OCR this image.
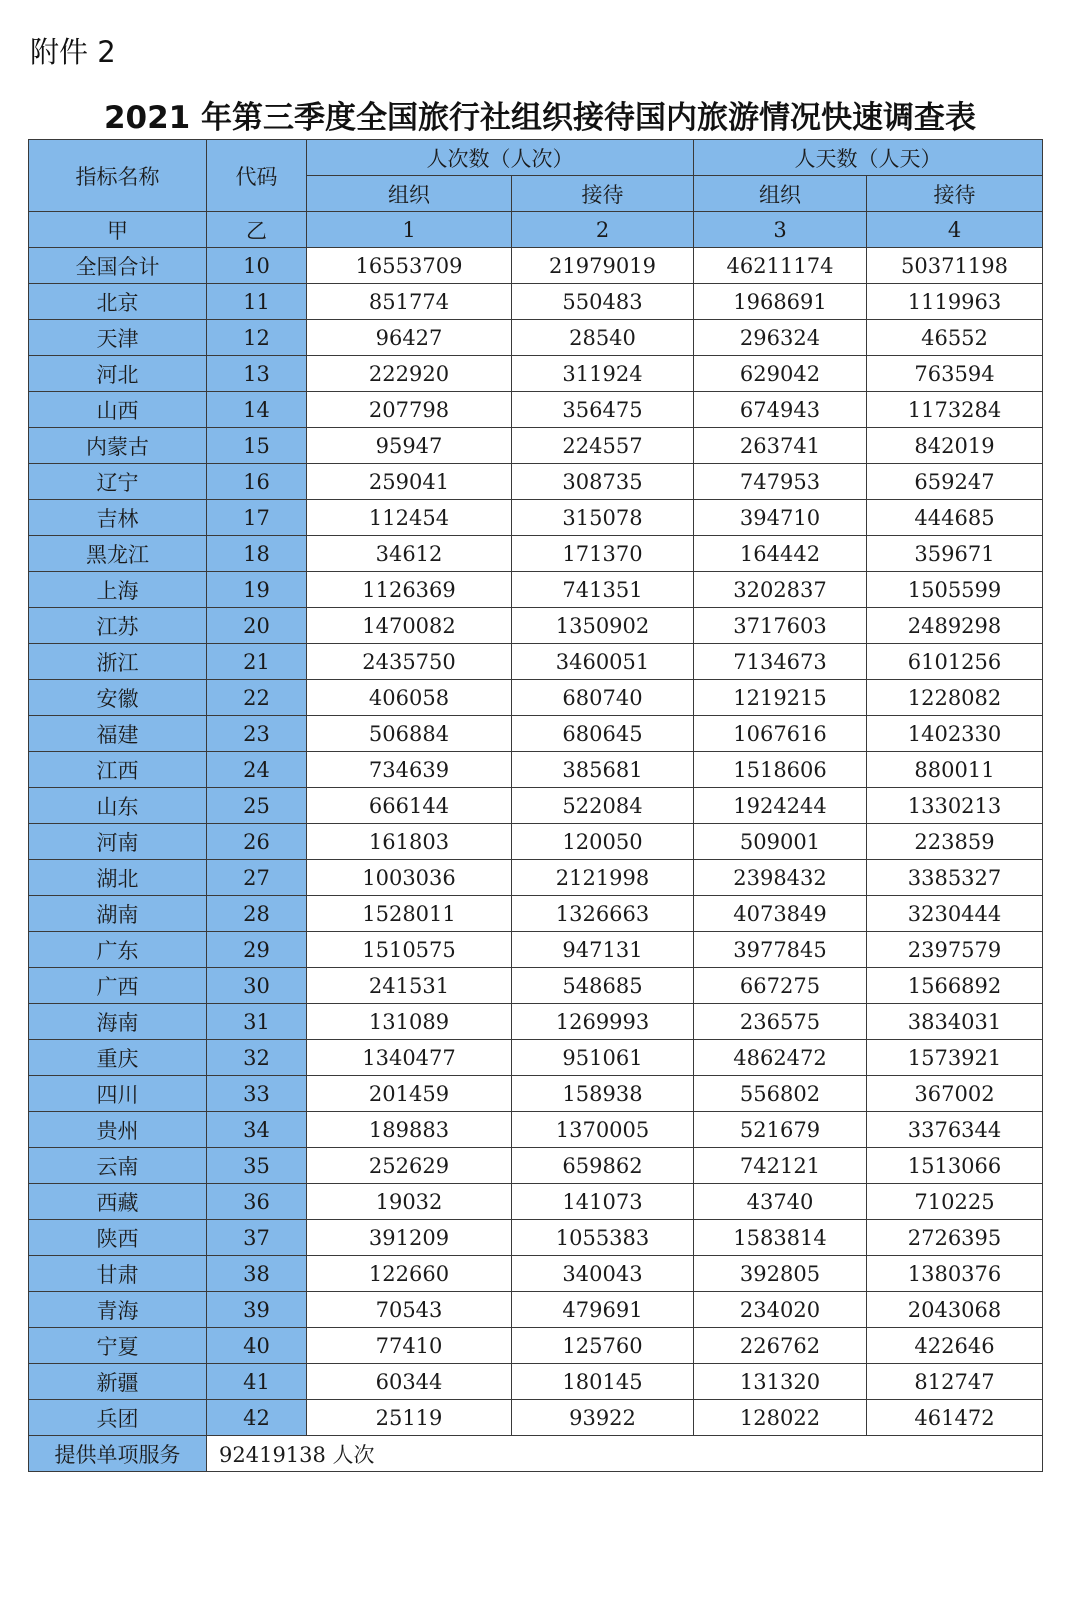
附件 2
2021 年第三季度全国旅行社组织接待国内旅游情况快速调查表
指标名称	代码	人次数（人次）		人天数（人天）	
		组织	接待	组织	接待
甲	乙	1	2	3	4
全国合计	10	16553709	21979019	46211174	50371198
北京	11	851774	550483	1968691	1119963
天津	12	96427	28540	296324	46552
河北	13	222920	311924	629042	763594
山西	14	207798	356475	674943	1173284
内蒙古	15	95947	224557	263741	842019
辽宁	16	259041	308735	747953	659247
吉林	17	112454	315078	394710	444685
黑龙江	18	34612	171370	164442	359671
上海	19	1126369	741351	3202837	1505599
江苏	20	1470082	1350902	3717603	2489298
浙江	21	2435750	3460051	7134673	6101256
安徽	22	406058	680740	1219215	1228082
福建	23	506884	680645	1067616	1402330
江西	24	734639	385681	1518606	880011
山东	25	666144	522084	1924244	1330213
河南	26	161803	120050	509001	223859
湖北	27	1003036	2121998	2398432	3385327
湖南	28	1528011	1326663	4073849	3230444
广东	29	1510575	947131	3977845	2397579
广西	30	241531	548685	667275	1566892
海南	31	131089	1269993	236575	3834031
重庆	32	1340477	951061	4862472	1573921
四川	33	201459	158938	556802	367002
贵州	34	189883	1370005	521679	3376344
云南	35	252629	659862	742121	1513066
西藏	36	19032	141073	43740	710225
陕西	37	391209	1055383	1583814	2726395
甘肃	38	122660	340043	392805	1380376
青海	39	70543	479691	234020	2043068
宁夏	40	77410	125760	226762	422646
新疆	41	60344	180145	131320	812747
兵团	42	25119	93922	128022	461472
提供单项服务	92419138 人次				
